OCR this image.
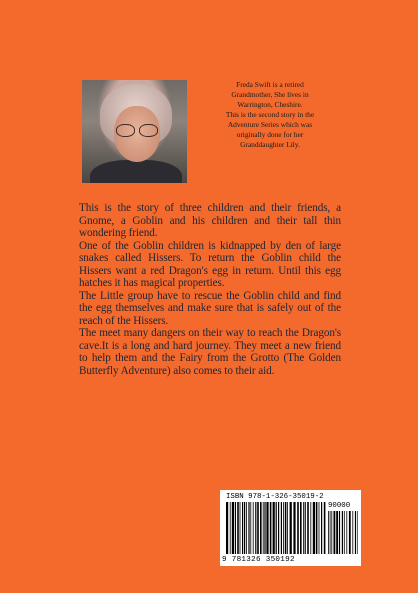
Freda Swift is a retired
Grandmother, She lives in
Warrington, Cheshire.
This is the second story in the
Adventure Series which was
originally done for her
Granddaughter Lily.

This is the story of three children and their friends, a Gnome, a Goblin and his children and their tall thin wondering friend.

One of the Goblin children is kidnapped by den of large snakes called Hissers. To return the Goblin child the Hissers want a red Dragon's egg in return. Until this egg hatches it has magical properties.

The Little group have to rescue the Goblin child and find the egg themselves and make sure that is safely out of the reach of the Hissers.

The meet many dangers on their way to reach the Dragon's cave.It is a long and hard journey. They meet a new friend to help them and the Fairy from the Grotto (The Golden Butterfly Adventure) also comes to their aid.

ISBN 978-1-326-35019-2
90000
9 781326 350192
